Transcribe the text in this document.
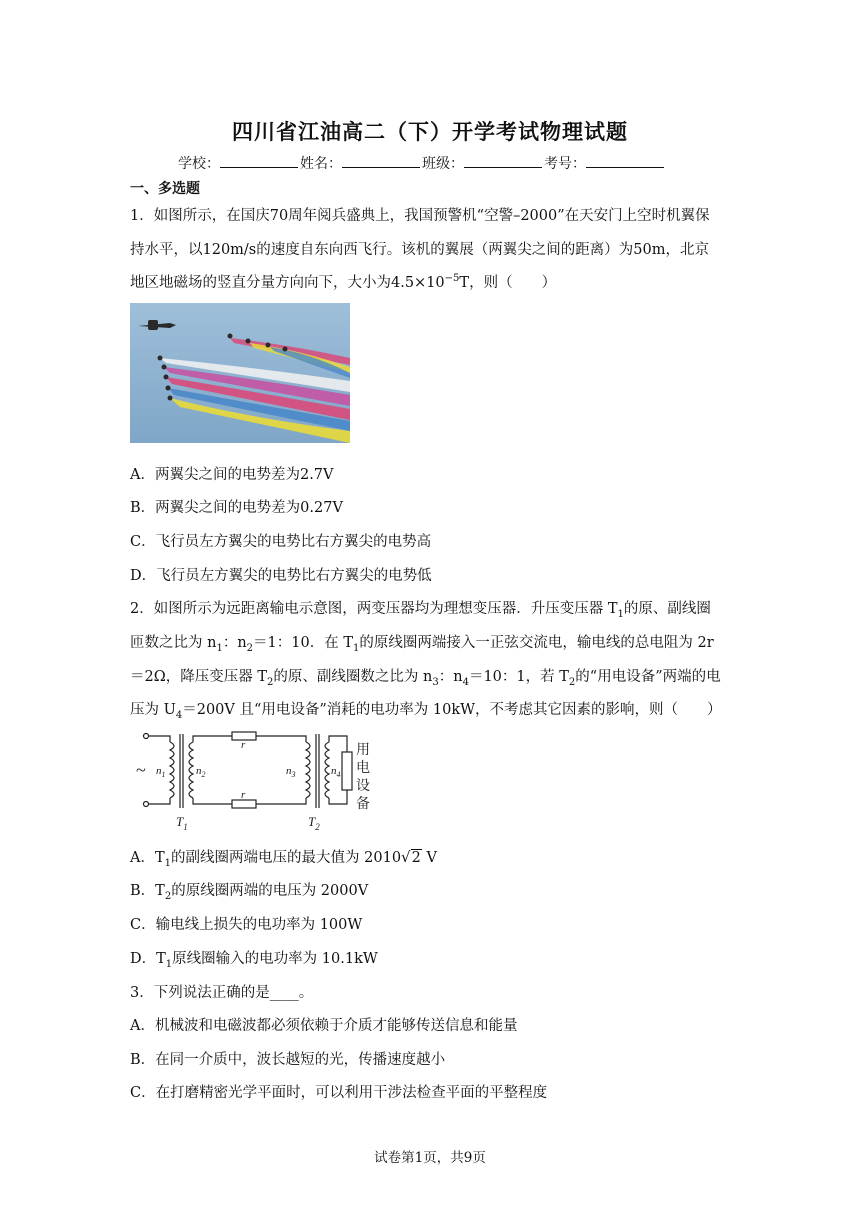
四川省江油高二（下）开学考试物理试题
学校：	姓名：	班级：	考号：
一、多选题
1．如图所示，在国庆70周年阅兵盛典上，我国预警机“空警–2000”在天安门上空时机翼保
持水平，以120m/s的速度自东向西飞行。该机的翼展（两翼尖之间的距离）为50m，北京
地区地磁场的竖直分量方向向下，大小为$4.5\times 10^{-5}T$，则（　　）
A．两翼尖之间的电势差为2.7V
B．两翼尖之间的电势差为0.27V
C．飞行员左方翼尖的电势比右方翼尖的电势高
D．飞行员左方翼尖的电势比右方翼尖的电势低
2．如图所示为远距离输电示意图，两变压器均为理想变压器．升压变压器 $T_1$的原、副线圈
匝数之比为 $n_1$：$n_2=1$：10．在 $T_1$的原线圈两端接入一正弦交流电，输电线的总电阻为 2r
＝2Ω，降压变压器 $T_2$的原、副线圈数之比为 $n_3$：$n_4=10$：1，若 $T_2$的“用电设备”两端的电
压为 $U_4=200V$ 且“用电设备”消耗的电功率为 10kW，不考虑其它因素的影响，则（　　）
~ $n_1$	$n_2$	$n_3$	$n_4$
r
r
$T_1$	$T_2$
用
电
设
备
A．$T_1$的副线圈两端电压的最大值为 2010√2 V
B．$T_2$的原线圈两端的电压为 2000V
C．输电线上损失的电功率为 100W
D．$T_1$原线圈输入的电功率为 10.1kW
3．下列说法正确的是____。
A．机械波和电磁波都必须依赖于介质才能够传送信息和能量
B．在同一介质中，波长越短的光，传播速度越小
C．在打磨精密光学平面时，可以利用干涉法检查平面的平整程度
试卷第1页，共9页
